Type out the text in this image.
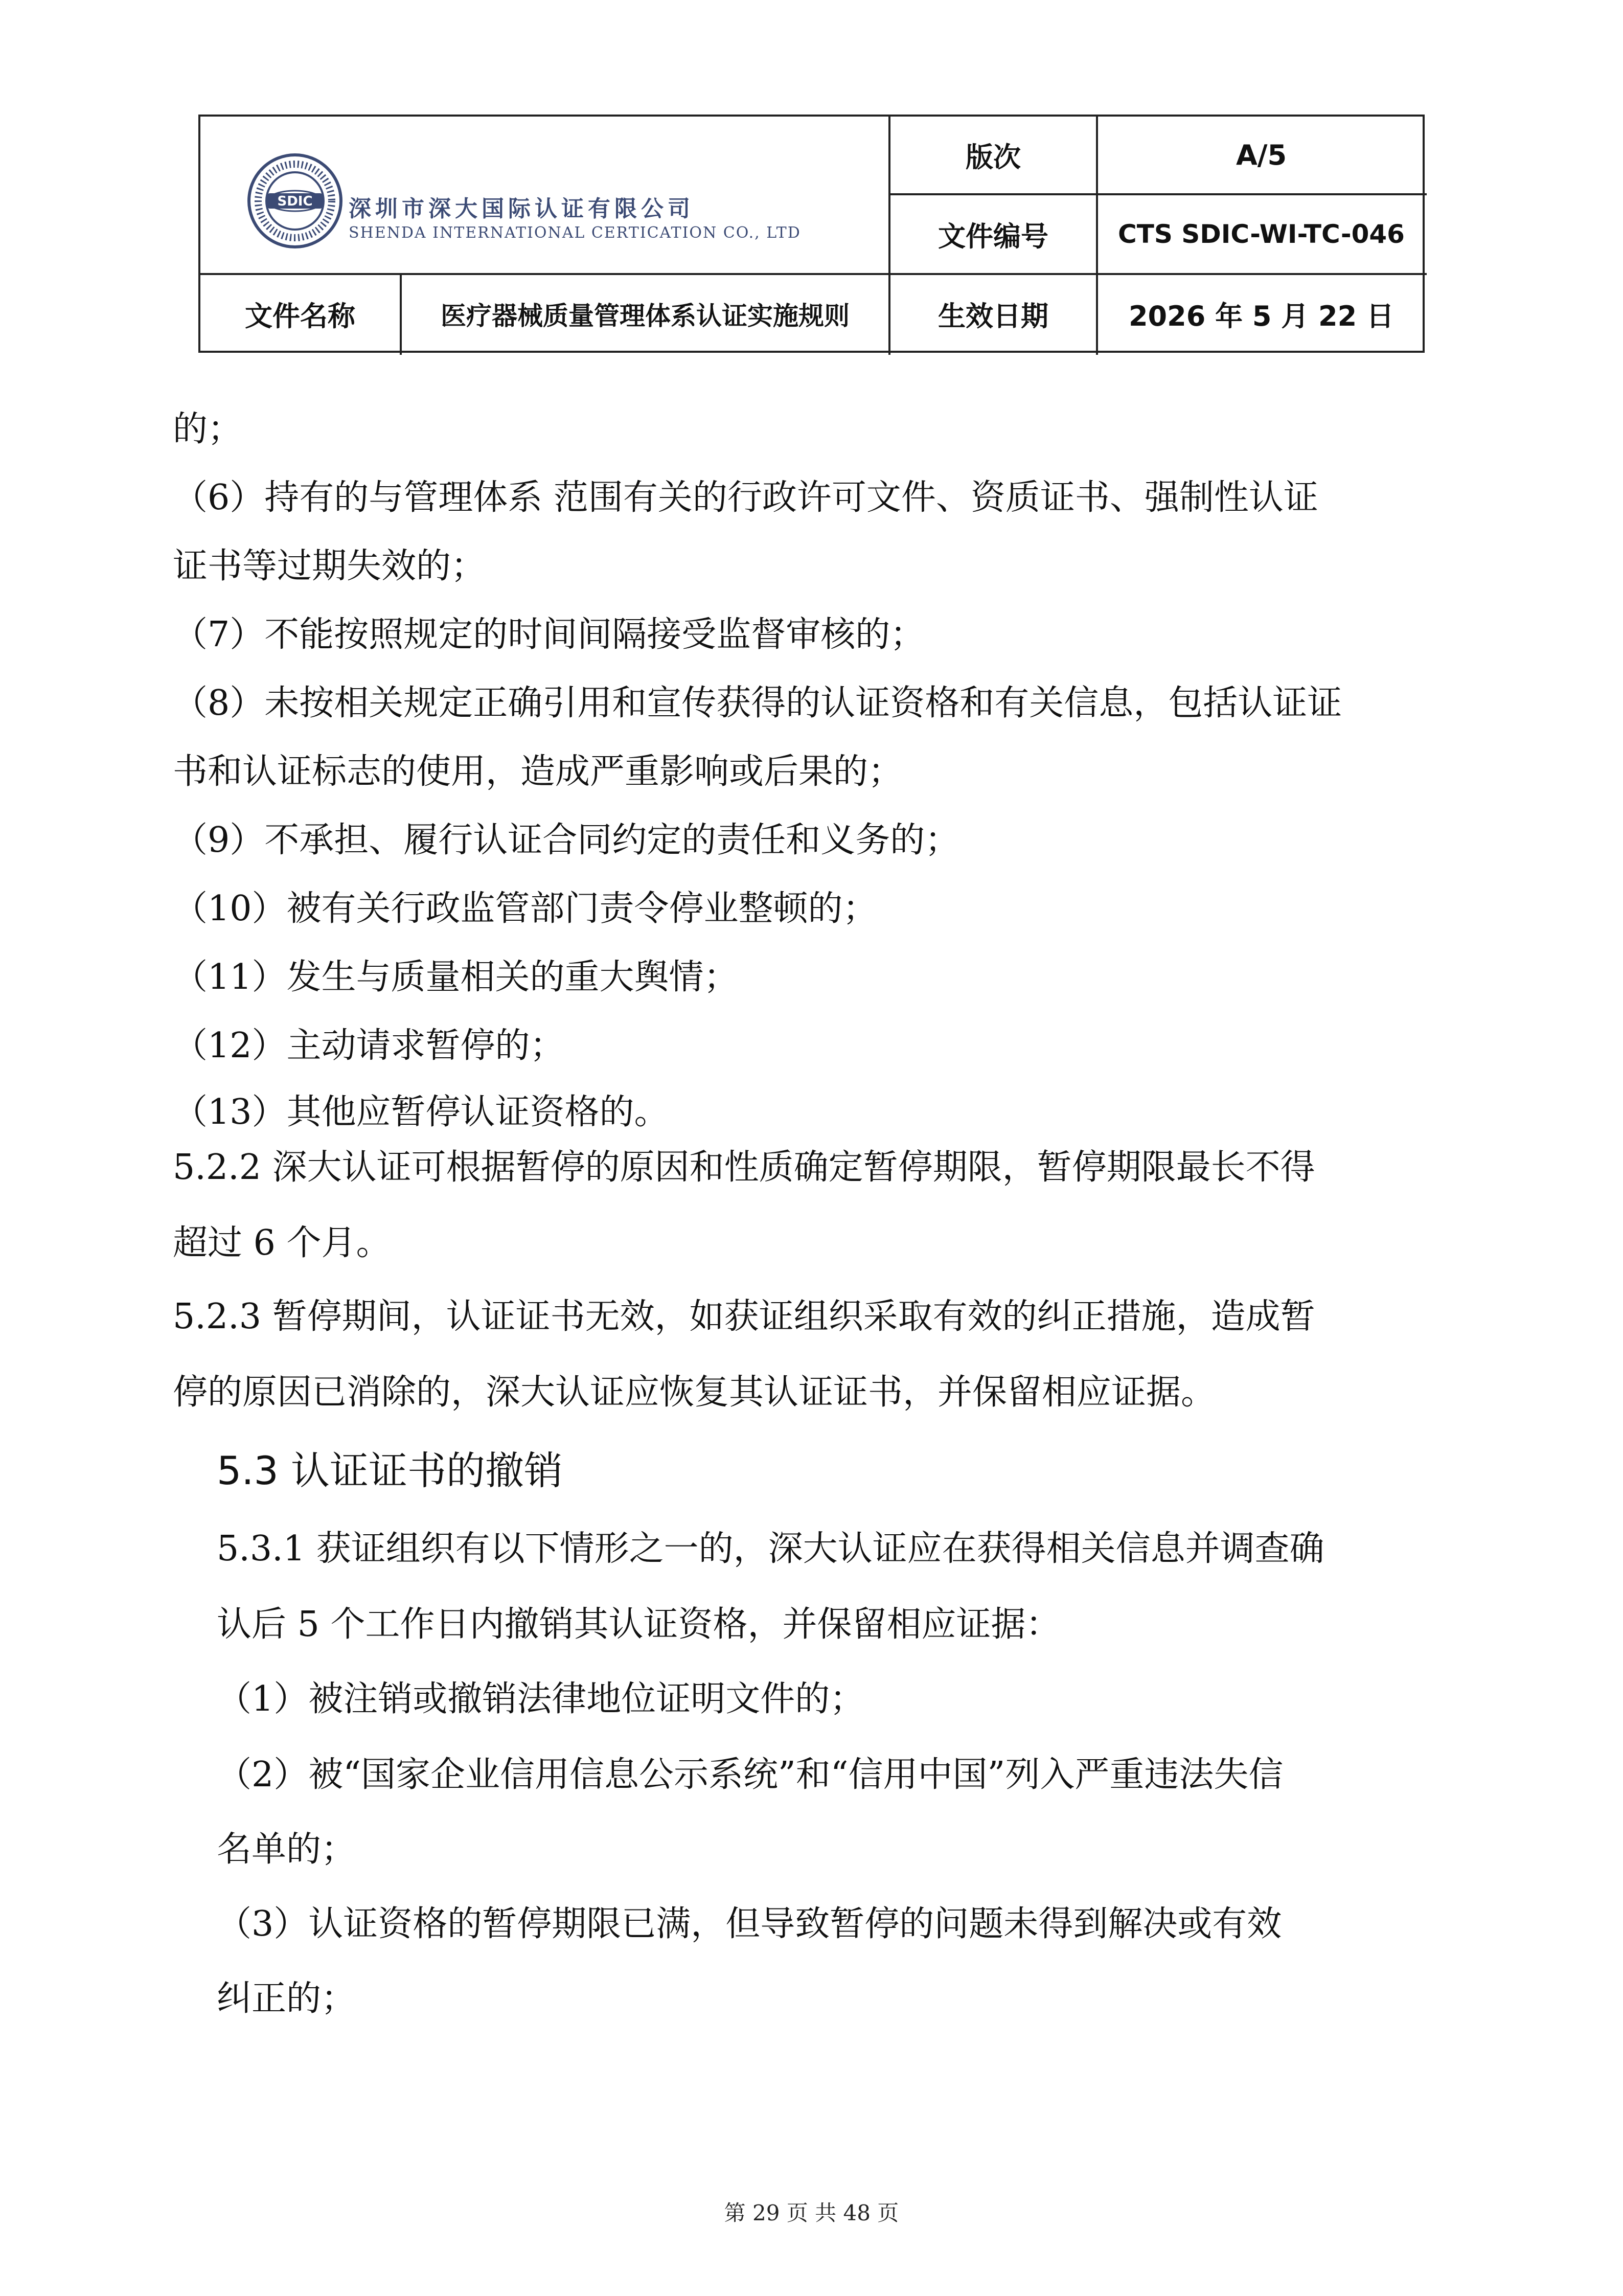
SDIC 深圳市深大国际认证有限公司
SHENDA INTERNATIONAL CERTICATION CO., LTD
版次	A/5
文件编号	CTS SDIC-WI-TC-046
文件名称	医疗器械质量管理体系认证实施规则	生效日期	2026 年 5 月 22 日
的；
（6）持有的与管理体系 范围有关的行政许可文件、资质证书、强制性认证
证书等过期失效的；
（7）不能按照规定的时间间隔接受监督审核的；
（8）未按相关规定正确引用和宣传获得的认证资格和有关信息，包括认证证
书和认证标志的使用，造成严重影响或后果的；
（9）不承担、履行认证合同约定的责任和义务的；
（10）被有关行政监管部门责令停业整顿的；
（11）发生与质量相关的重大舆情；
（12）主动请求暂停的；
（13）其他应暂停认证资格的。
5.2.2 深大认证可根据暂停的原因和性质确定暂停期限，暂停期限最长不得
超过 6 个月。
5.2.3 暂停期间，认证证书无效，如获证组织采取有效的纠正措施，造成暂
停的原因已消除的，深大认证应恢复其认证证书，并保留相应证据。
5.3 认证证书的撤销
5.3.1 获证组织有以下情形之一的，深大认证应在获得相关信息并调查确
认后 5 个工作日内撤销其认证资格，并保留相应证据：
（1）被注销或撤销法律地位证明文件的；
（2）被“国家企业信用信息公示系统”和“信用中国”列入严重违法失信
名单的；
（3）认证资格的暂停期限已满，但导致暂停的问题未得到解决或有效
纠正的；
第 29 页 共 48 页
